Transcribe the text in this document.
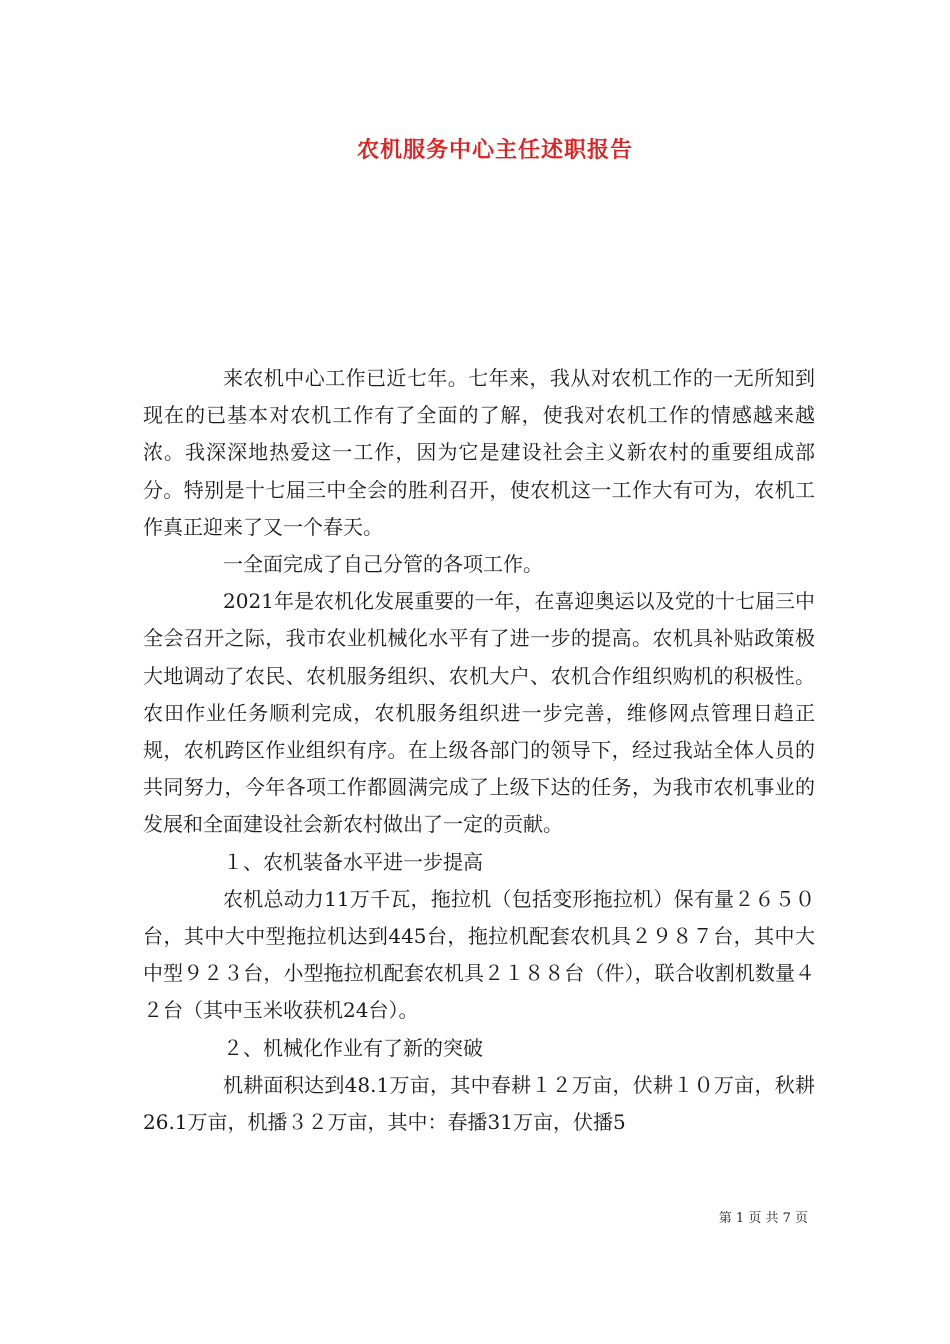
农机服务中心主任述职报告

来农机中心工作已近七年。七年来，我从对农机工作的一无所知到现在的已基本对农机工作有了全面的了解，使我对农机工作的情感越来越浓。我深深地热爱这一工作，因为它是建设社会主义新农村的重要组成部分。特别是十七届三中全会的胜利召开，使农机这一工作大有可为，农机工作真正迎来了又一个春天。

一全面完成了自己分管的各项工作。

2021年是农机化发展重要的一年，在喜迎奥运以及党的十七届三中全会召开之际，我市农业机械化水平有了进一步的提高。农机具补贴政策极大地调动了农民、农机服务组织、农机大户、农机合作组织购机的积极性。农田作业任务顺利完成，农机服务组织进一步完善，维修网点管理日趋正规，农机跨区作业组织有序。在上级各部门的领导下，经过我站全体人员的共同努力，今年各项工作都圆满完成了上级下达的任务，为我市农机事业的发展和全面建设社会新农村做出了一定的贡献。

１、农机装备水平进一步提高

农机总动力11万千瓦，拖拉机（包括变形拖拉机）保有量２６５０台，其中大中型拖拉机达到445台，拖拉机配套农机具２９８７台，其中大中型９２３台，小型拖拉机配套农机具２１８８台（件），联合收割机数量４２台（其中玉米收获机24台）。

２、机械化作业有了新的突破

机耕面积达到48.1万亩，其中春耕１２万亩，伏耕１０万亩，秋耕26.1万亩，机播３２万亩，其中：春播31万亩，伏播5

第 1 页 共 7 页
